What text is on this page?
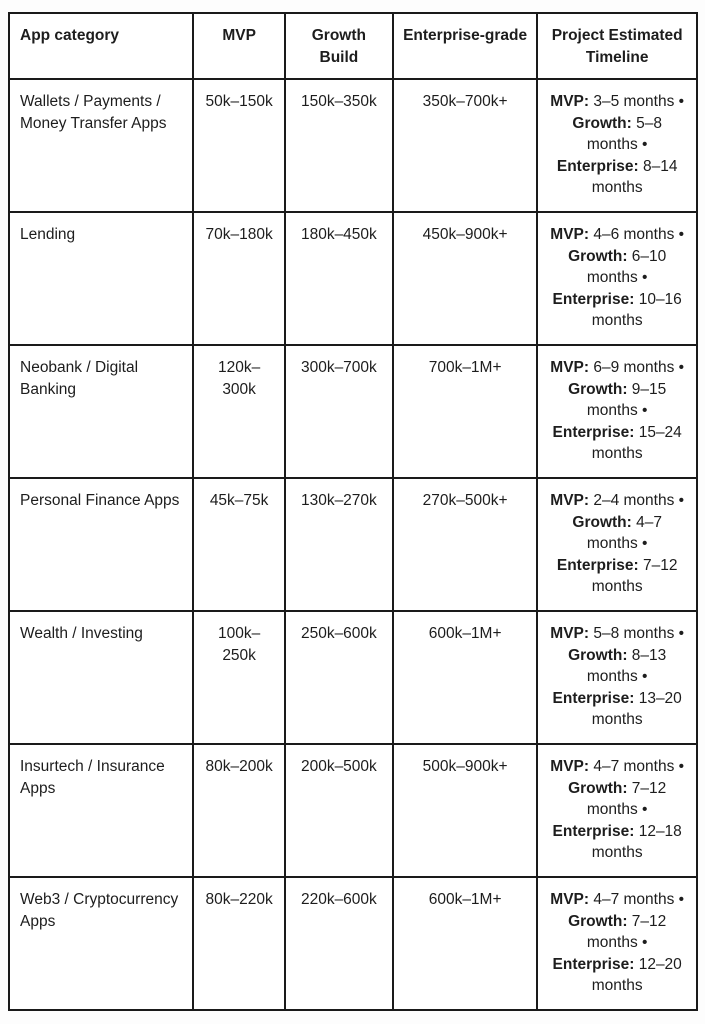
App category	MVP	Growth Build	Enterprise-grade	Project Estimated Timeline
Wallets / Payments / Money Transfer Apps	50k–150k	150k–350k	350k–700k+	MVP: 3–5 months • Growth: 5–8 months • Enterprise: 8–14 months
Lending	70k–180k	180k–450k	450k–900k+	MVP: 4–6 months • Growth: 6–10 months • Enterprise: 10–16 months
Neobank / Digital Banking	120k–300k	300k–700k	700k–1M+	MVP: 6–9 months • Growth: 9–15 months • Enterprise: 15–24 months
Personal Finance Apps	45k–75k	130k–270k	270k–500k+	MVP: 2–4 months • Growth: 4–7 months • Enterprise: 7–12 months
Wealth / Investing	100k–250k	250k–600k	600k–1M+	MVP: 5–8 months • Growth: 8–13 months • Enterprise: 13–20 months
Insurtech / Insurance Apps	80k–200k	200k–500k	500k–900k+	MVP: 4–7 months • Growth: 7–12 months • Enterprise: 12–18 months
Web3 / Cryptocurrency Apps	80k–220k	220k–600k	600k–1M+	MVP: 4–7 months • Growth: 7–12 months • Enterprise: 12–20 months
